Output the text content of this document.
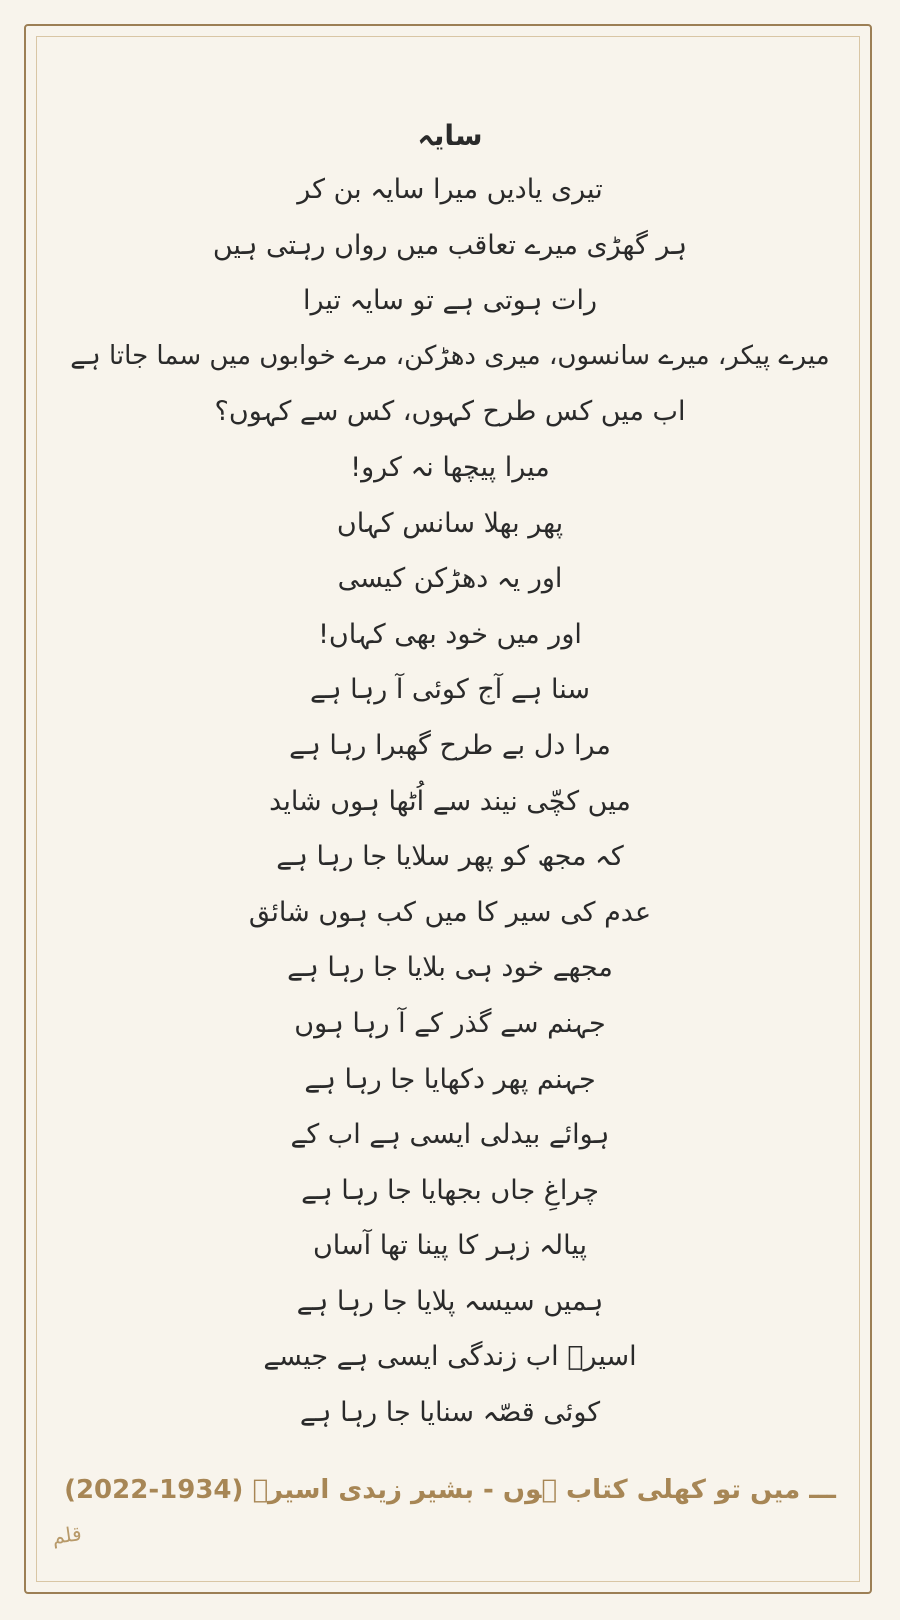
سایہ
تیری یادیں میرا سایہ بن کر
ہر گھڑی میرے تعاقب میں رواں رہتی ہیں
رات ہوتی ہے تو سایہ تیرا
میرے پیکر، میرے سانسوں، میری دھڑکن، مرے خوابوں میں سما جاتا ہے
اب میں کس طرح کہوں، کس سے کہوں؟
میرا پیچھا نہ کرو!
پھر بھلا سانس کہاں
اور یہ دھڑکن کیسی
اور میں خود بھی کہاں!
سنا ہے آج کوئی آ رہا ہے
مرا دل بے طرح گھبرا رہا ہے
میں کچّی نیند سے اُٹھا ہوں شاید
کہ مجھ کو پھر سلایا جا رہا ہے
عدم کی سیر کا میں کب ہوں شائق
مجھے خود ہی بلایا جا رہا ہے
جہنم سے گذر کے آ رہا ہوں
جہنم پھر دکھایا جا رہا ہے
ہوائے بیدلی ایسی ہے اب کے
چراغِ جاں بجھایا جا رہا ہے
پیالہ زہر کا پینا تھا آساں
ہمیں سیسہ پلایا جا رہا ہے
اسیرؔ اب زندگی ایسی ہے جیسے
کوئی قصّہ سنایا جا رہا ہے
ـــ میں تو کھلی کتاب ہوں - بشیر زیدی اسیرؔ (1934-2022)
قلم
